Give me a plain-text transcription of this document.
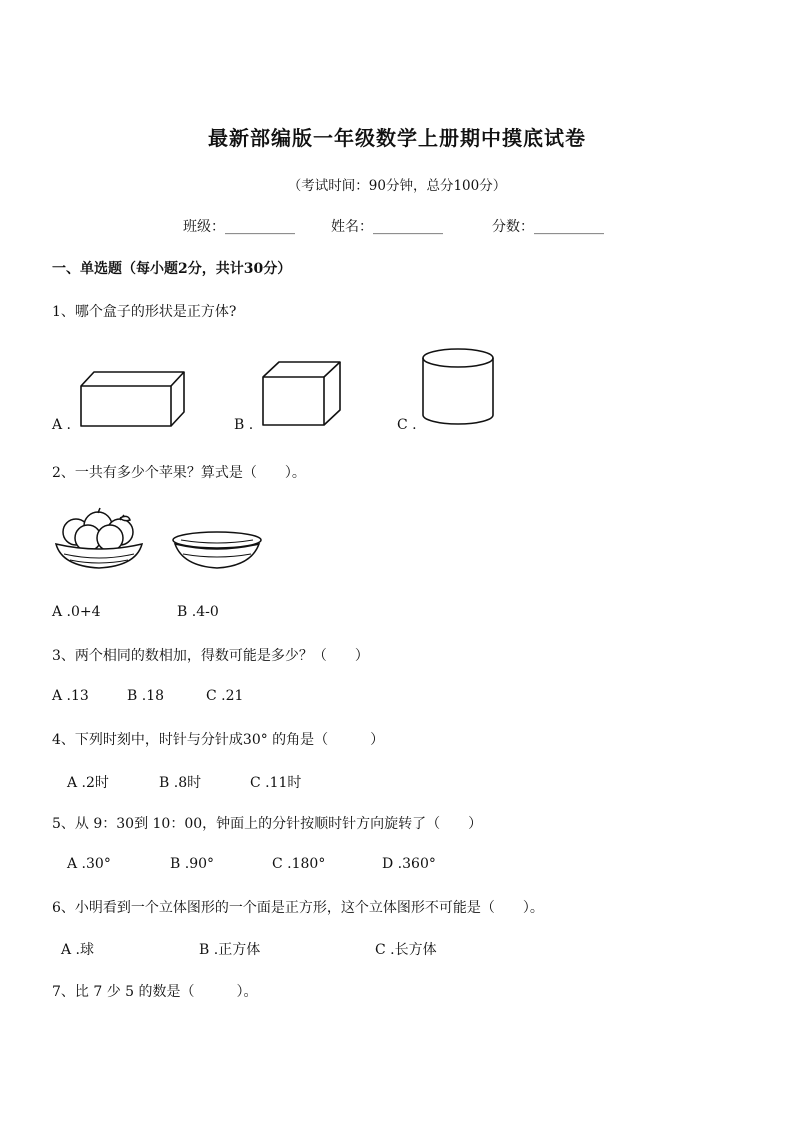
最新部编版一年级数学上册期中摸底试卷
（考试时间：90分钟，总分100分）
班级：__________	姓名：__________	分数：__________
一、单选题（每小题2分，共计30分）
1、哪个盒子的形状是正方体?
A .	B .	C .
2、一共有多少个苹果？算式是（　　）。
A .0+4	B .4-0
3、两个相同的数相加，得数可能是多少？（　　）
A .13	B .18	C .21
4、下列时刻中，时针与分针成30° 的角是（　　　）
A .2时	B .8时	C .11时
5、从 9：30到 10：00，钟面上的分针按顺时针方向旋转了（　　）
A .30°	B .90°	C .180°	D .360°
6、小明看到一个立体图形的一个面是正方形，这个立体图形不可能是（　　）。
A .球	B .正方体	C .长方体
7、比 7 少 5 的数是（　　　）。
